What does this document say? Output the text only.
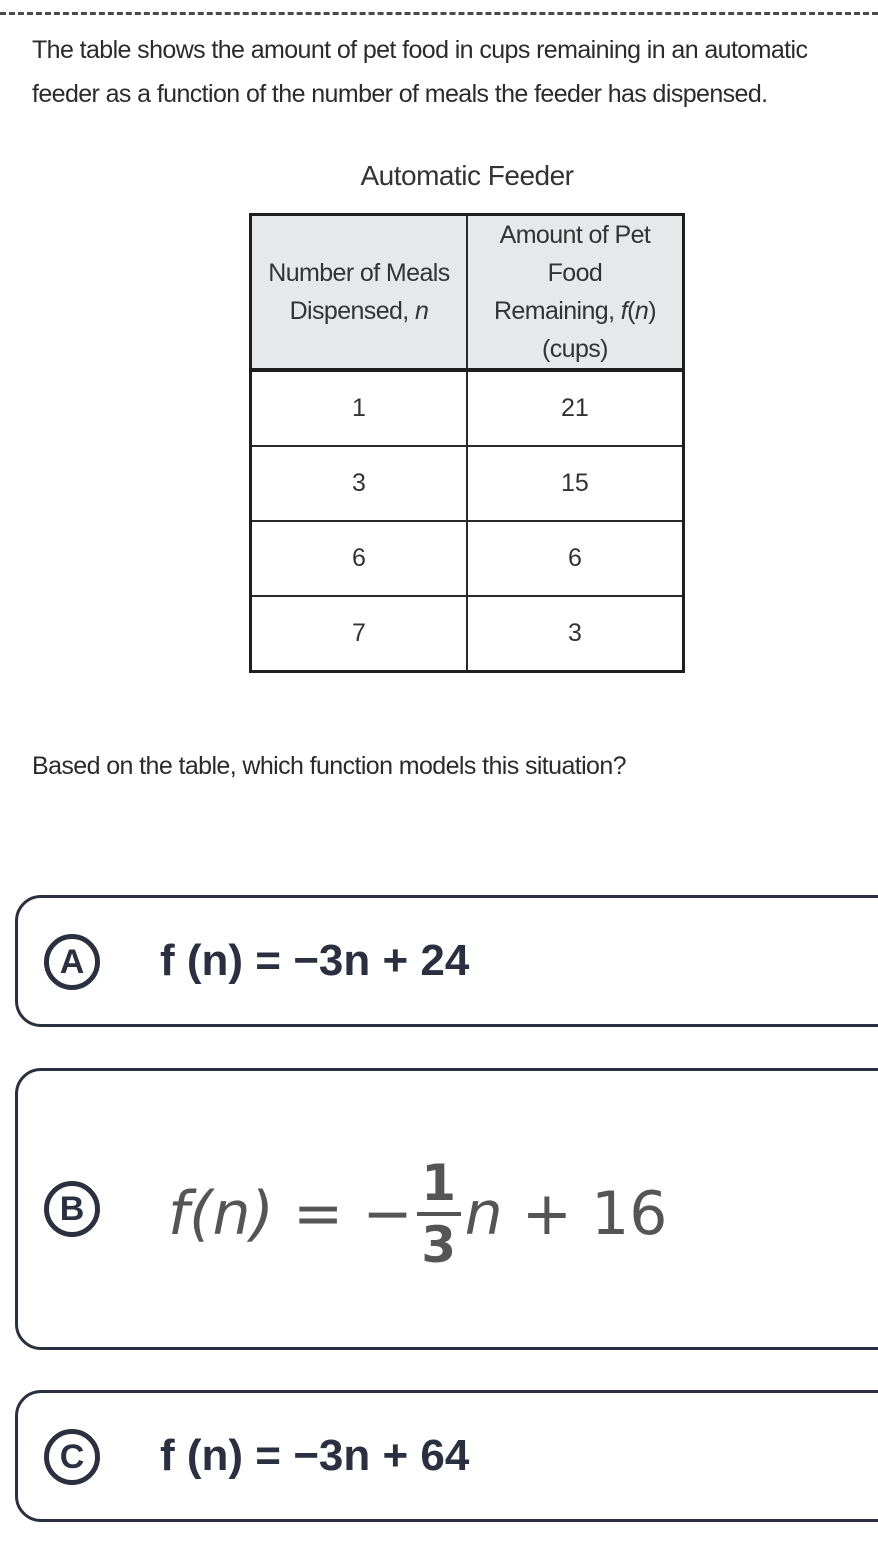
The table shows the amount of pet food in cups remaining in an automatic feeder as a function of the number of meals the feeder has dispensed.
Automatic Feeder
Number of Meals
Dispensed, n	Amount of Pet Food
Remaining, f(n)
(cups)
1	21
3	15
6	6
7	3
Based on the table, which function models this situation?
A	f (n) = −3n + 24
B f(n) = − $\frac{1}{3}$ n + 16
C	f (n) = −3n + 64
